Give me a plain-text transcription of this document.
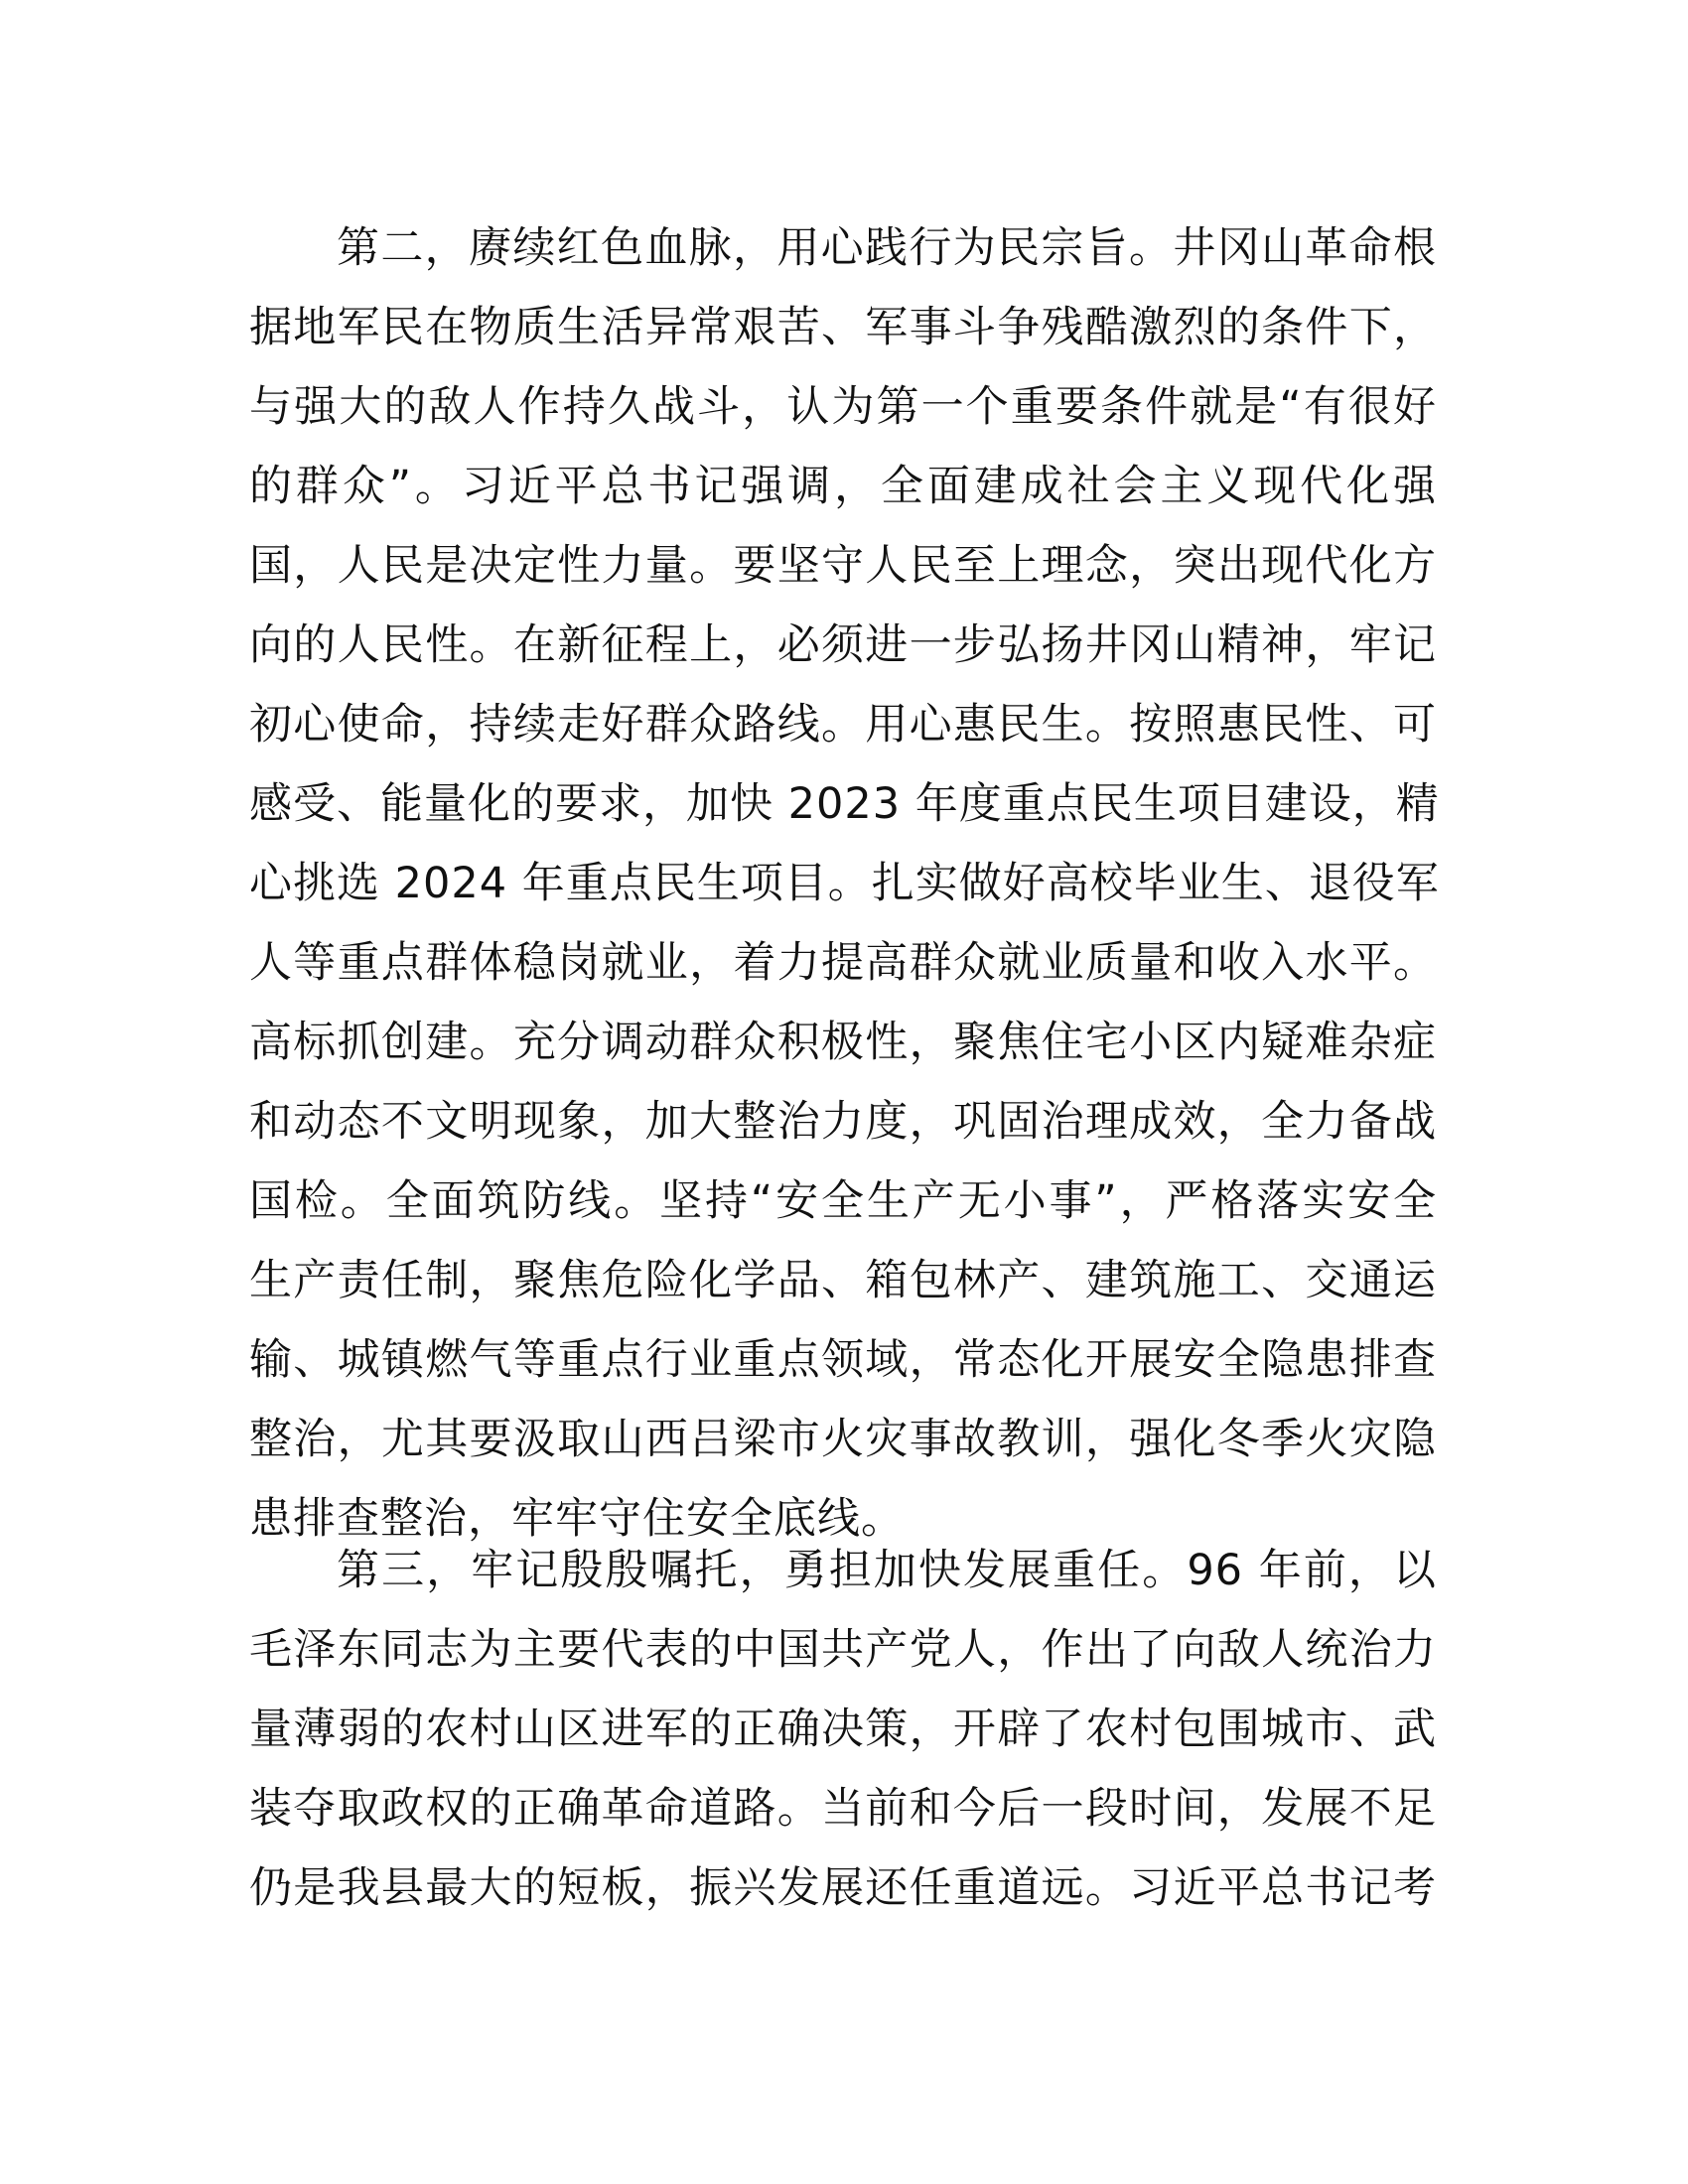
第二，赓续红色血脉，用心践行为民宗旨。井冈山革命根
据地军民在物质生活异常艰苦、军事斗争残酷激烈的条件下，
与强大的敌人作持久战斗，认为第一个重要条件就是“有很好
的群众”。习近平总书记强调，全面建成社会主义现代化强
国，人民是决定性力量。要坚守人民至上理念，突出现代化方
向的人民性。在新征程上，必须进一步弘扬井冈山精神，牢记
初心使命，持续走好群众路线。用心惠民生。按照惠民性、可
感受、能量化的要求，加快 2023 年度重点民生项目建设，精
心挑选 2024 年重点民生项目。扎实做好高校毕业生、退役军
人等重点群体稳岗就业，着力提高群众就业质量和收入水平。
高标抓创建。充分调动群众积极性，聚焦住宅小区内疑难杂症
和动态不文明现象，加大整治力度，巩固治理成效，全力备战
国检。全面筑防线。坚持“安全生产无小事”，严格落实安全
生产责任制，聚焦危险化学品、箱包林产、建筑施工、交通运
输、城镇燃气等重点行业重点领域，常态化开展安全隐患排查
整治，尤其要汲取山西吕梁市火灾事故教训，强化冬季火灾隐
患排查整治，牢牢守住安全底线。
第三，牢记殷殷嘱托，勇担加快发展重任。96 年前，以
毛泽东同志为主要代表的中国共产党人，作出了向敌人统治力
量薄弱的农村山区进军的正确决策，开辟了农村包围城市、武
装夺取政权的正确革命道路。当前和今后一段时间，发展不足
仍是我县最大的短板，振兴发展还任重道远。习近平总书记考
